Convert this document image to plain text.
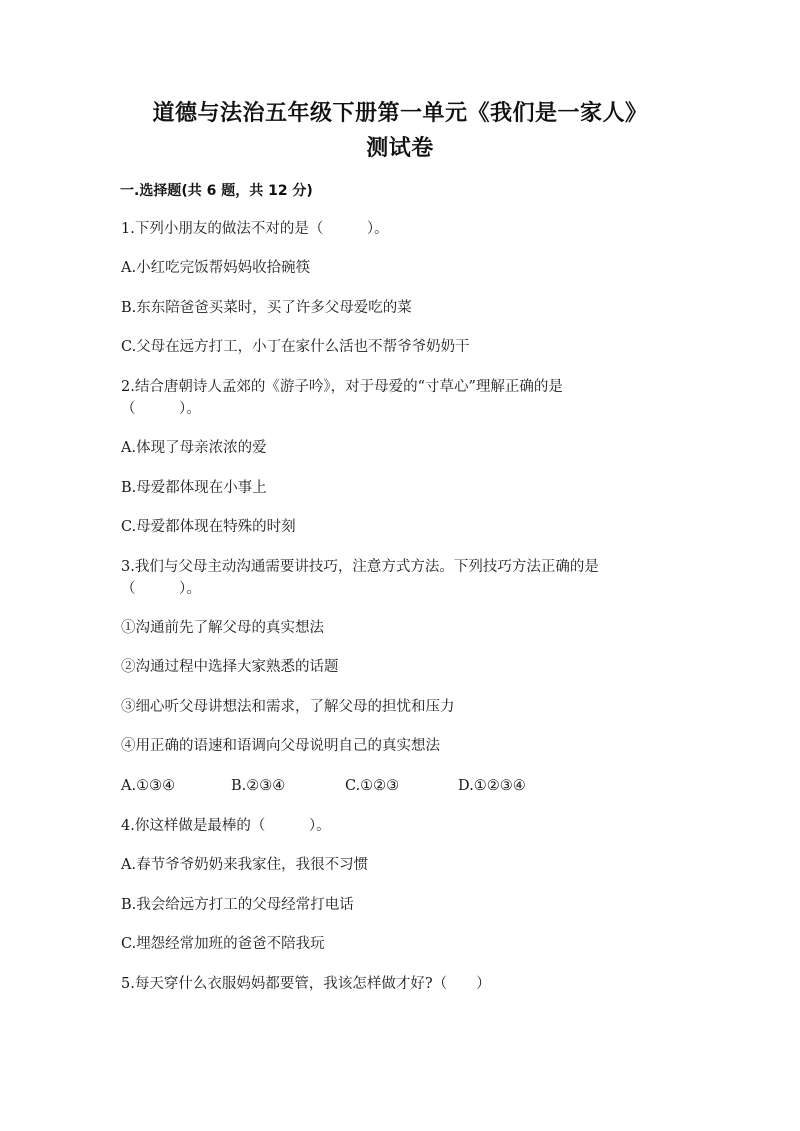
道德与法治五年级下册第一单元《我们是一家人》
测试卷
一.选择题(共 6 题，共 12 分)
1.下列小朋友的做法不对的是（　　　）。
A.小红吃完饭帮妈妈收拾碗筷
B.东东陪爸爸买菜时，买了许多父母爱吃的菜
C.父母在远方打工，小丁在家什么活也不帮爷爷奶奶干
2.结合唐朝诗人孟郊的《游子吟》，对于母爱的“寸草心”理解正确的是
（　　　）。
A.体现了母亲浓浓的爱
B.母爱都体现在小事上
C.母爱都体现在特殊的时刻
3.我们与父母主动沟通需要讲技巧，注意方式方法。下列技巧方法正确的是
（　　　）。
①沟通前先了解父母的真实想法
②沟通过程中选择大家熟悉的话题
③细心听父母讲想法和需求，了解父母的担忧和压力
④用正确的语速和语调向父母说明自己的真实想法
A.①③④	B.②③④	C.①②③	D.①②③④
4.你这样做是最棒的（　　　）。
A.春节爷爷奶奶来我家住，我很不习惯
B.我会给远方打工的父母经常打电话
C.埋怨经常加班的爸爸不陪我玩
5.每天穿什么衣服妈妈都要管，我该怎样做才好?（　　）
